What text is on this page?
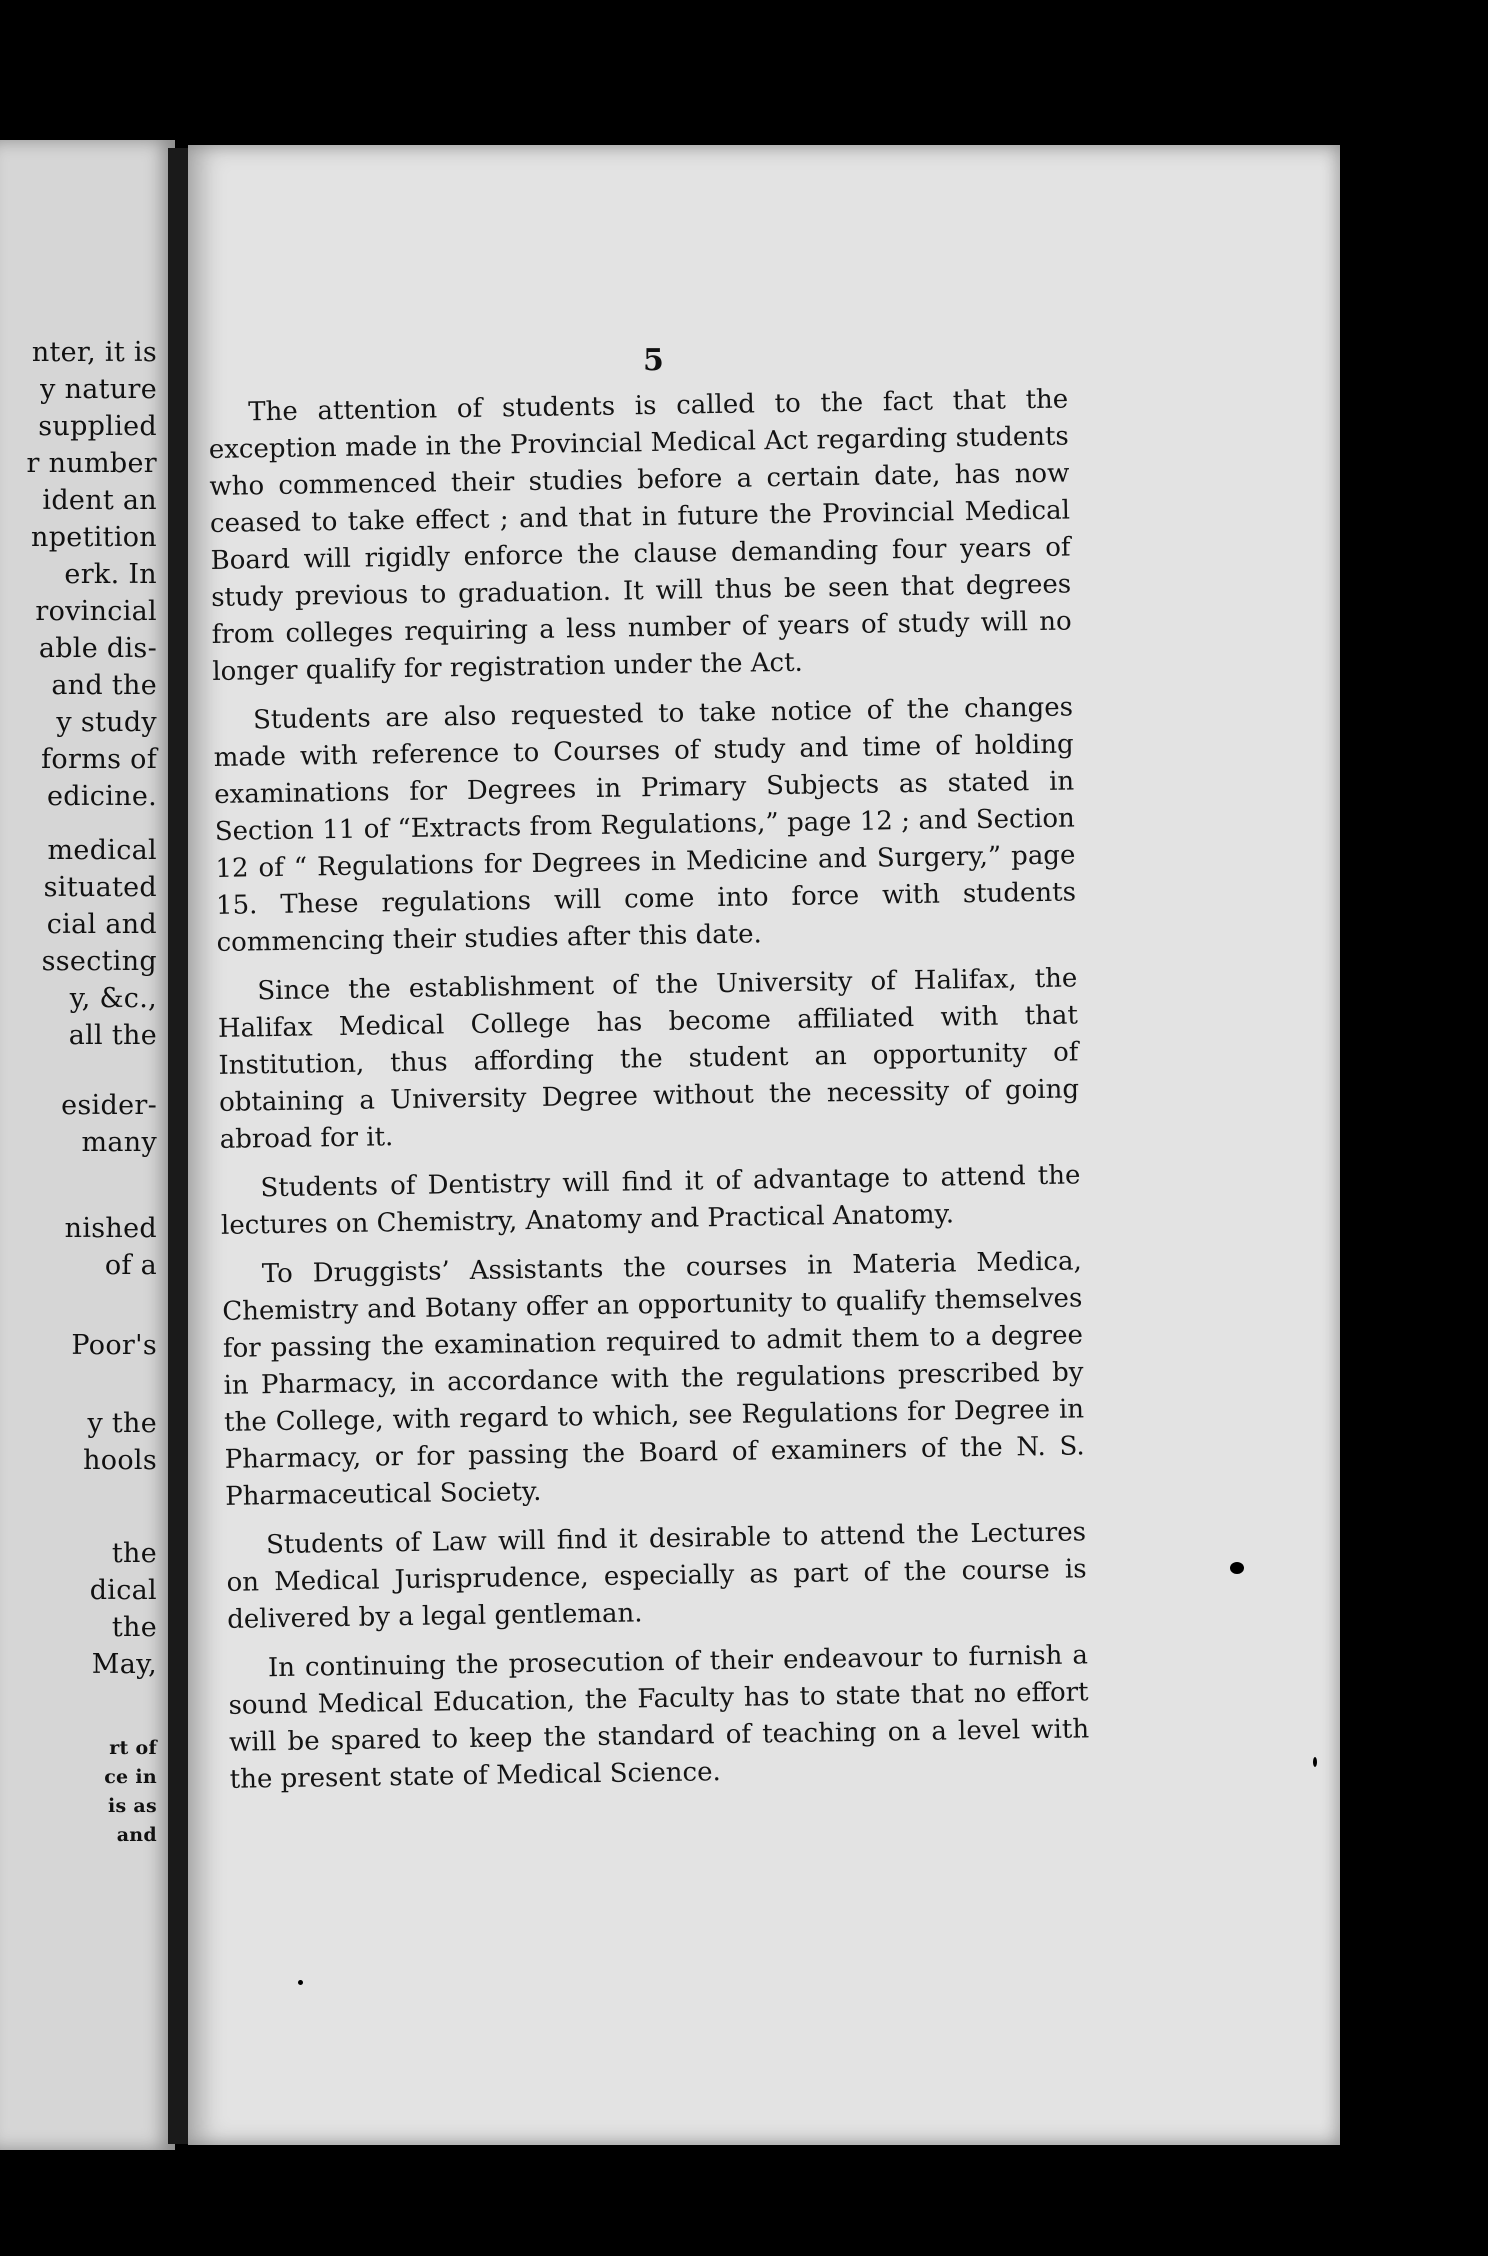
nter, it is
y nature
supplied
r number
ident an
npetition
erk. In
rovincial
able dis-
and the
y study
forms of
edicine.
medical
situated
cial and
ssecting
y, &c.,
all the
esider-
many
nished
of a
Poor's
y the
hools
the
dical
the
May,
rt of
ce in
is as
and
5

The attention of students is called to the fact that the exception made in the Provincial Medical Act regarding students who commenced their studies before a certain date, has now ceased to take effect ; and that in future the Provincial Medical Board will rigidly enforce the clause demanding four years of study previous to graduation. It will thus be seen that degrees from colleges requiring a less number of years of study will no longer qualify for registration under the Act.

Students are also requested to take notice of the changes made with reference to Courses of study and time of holding examinations for Degrees in Primary Subjects as stated in Section 11 of “Extracts from Regulations,” page 12 ; and Section 12 of “ Regulations for Degrees in Medicine and Surgery,” page 15. These regulations will come into force with students commencing their studies after this date.

Since the establishment of the University of Halifax, the Halifax Medical College has become affiliated with that Institution, thus affording the student an opportunity of obtaining a University Degree without the necessity of going abroad for it.

Students of Dentistry will find it of advantage to attend the lectures on Chemistry, Anatomy and Practical Anatomy.

To Druggists’ Assistants the courses in Materia Medica, Chemistry and Botany offer an opportunity to qualify themselves for passing the examination required to admit them to a degree in Pharmacy, in accordance with the regulations prescribed by the College, with regard to which, see Regulations for Degree in Pharmacy, or for passing the Board of examiners of the N. S. Pharmaceutical Society.

Students of Law will find it desirable to attend the Lectures on Medical Jurisprudence, especially as part of the course is delivered by a legal gentleman.

In continuing the prosecution of their endeavour to furnish a sound Medical Education, the Faculty has to state that no effort will be spared to keep the standard of teaching on a level with the present state of Medical Science.
